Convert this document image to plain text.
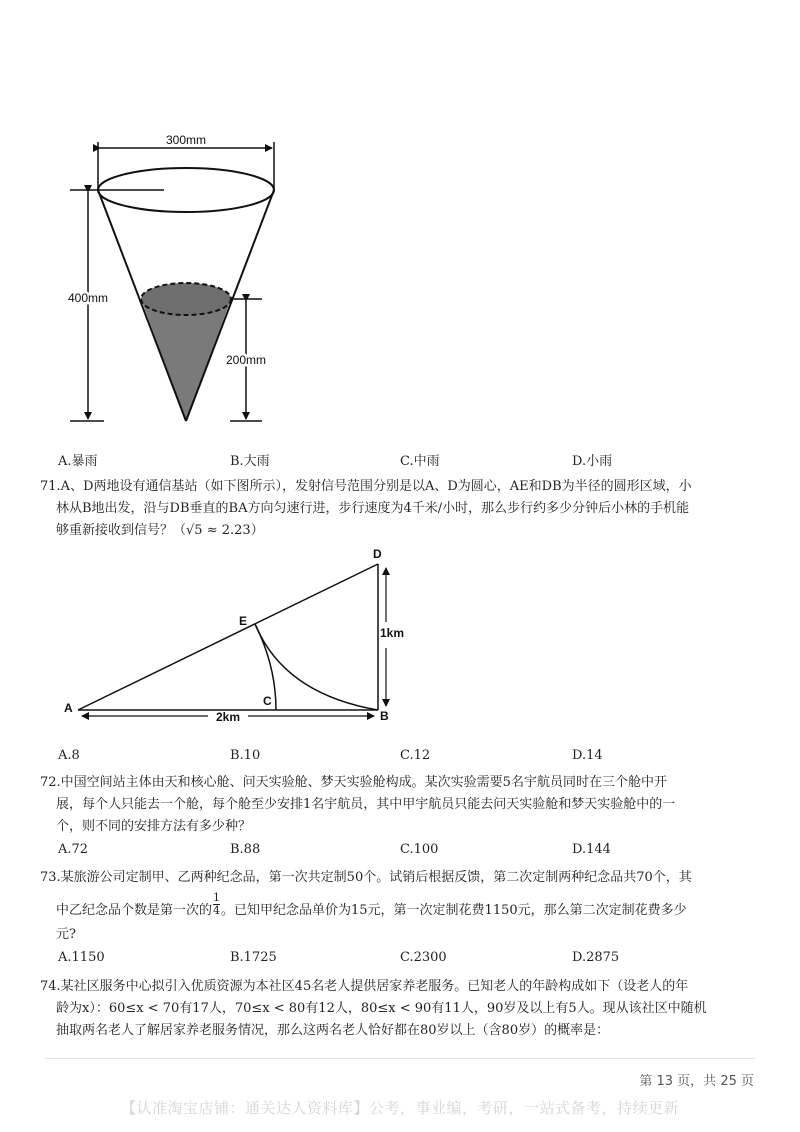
300mm
400mm
200mm
A.暴雨	B.大雨	C.中雨	D.小雨
71.A、D两地设有通信基站（如下图所示），发射信号范围分别是以A、D为圆心，AE和DB为半径的圆形区域，小
林从B地出发，沿与DB垂直的BA方向匀速行进，步行速度为4千米/小时，那么步行约多少分钟后小林的手机能
够重新接收到信号？（√5 ≈ 2.23）
1km
2km
A
B
C
D
E
A.8	B.10	C.12	D.14
72.中国空间站主体由天和核心舱、问天实验舱、梦天实验舱构成。某次实验需要5名宇航员同时在三个舱中开
展，每个人只能去一个舱，每个舱至少安排1名宇航员，其中甲宇航员只能去问天实验舱和梦天实验舱中的一
个，则不同的安排方法有多少种？
A.72	B.88	C.100	D.144
73.某旅游公司定制甲、乙两种纪念品，第一次共定制50个。试销后根据反馈，第二次定制两种纪念品共70个，其
中乙纪念品个数是第一次的 $\frac{1}{4}$ 。已知甲纪念品单价为15元，第一次定制花费1150元，那么第二次定制花费多少
元?
A.1150	B.1725	C.2300	D.2875
74.某社区服务中心拟引入优质资源为本社区45名老人提供居家养老服务。已知老人的年龄构成如下（设老人的年
龄为x）：60≤x < 70有17人，70≤x < 80有12人，80≤x < 90有11人，90岁及以上有5人。现从该社区中随机
抽取两名老人了解居家养老服务情况，那么这两名老人恰好都在80岁以上（含80岁）的概率是：
第 13 页，共 25 页
【认准淘宝店铺：通关达人资料库】公考，事业编，考研，一站式备考，持续更新
